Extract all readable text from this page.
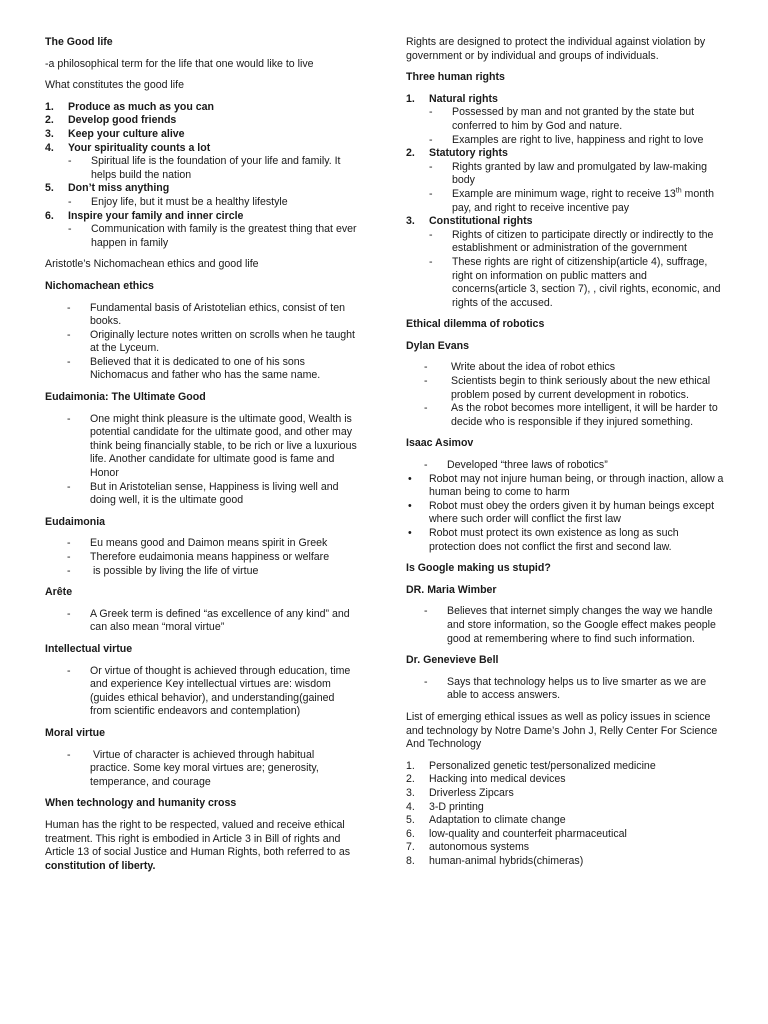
The Good life

-a philosophical term for the life that one would like to live

What constitutes the good life

1. Produce as much as you can
2. Develop good friends
3. Keep your culture alive
4. Your spirituality counts a lot
- Spiritual life is the foundation of your life and family. It helps build the nation
5. Don’t miss anything
- Enjoy life, but it must be a healthy lifestyle
6. Inspire your family and inner circle
- Communication with family is the greatest thing that ever happen in family

Aristotle’s Nichomachean ethics and good life

Nichomachean ethics

- Fundamental basis of Aristotelian ethics, consist of ten books.
- Originally lecture notes written on scrolls when he taught at the Lyceum.
- Believed that it is dedicated to one of his sons Nichomacus and father who has the same name.

Eudaimonia: The Ultimate Good

- One might think pleasure is the ultimate good, Wealth is potential candidate for the ultimate good, and other may think being financially stable, to be rich or live a luxurious life. Another candidate for ultimate good is fame and Honor
- But in Aristotelian sense, Happiness is living well and doing well, it is the ultimate good

Eudaimonia

- Eu means good and Daimon means spirit in Greek
- Therefore eudaimonia means happiness or welfare
- is possible by living the life of virtue

Arête

- A Greek term is defined “as excellence of any kind” and can also mean “moral virtue”

Intellectual virtue

- Or virtue of thought is achieved through education, time and experience Key intellectual virtues are: wisdom (guides ethical behavior), and understanding(gained from scientific endeavors and contemplation)

Moral virtue

- Virtue of character is achieved through habitual practice. Some key moral virtues are; generosity, temperance, and courage

When technology and humanity cross

Human has the right to be respected, valued and receive ethical treatment. This right is embodied in Article 3 in Bill of rights and Article 13 of social Justice and Human Rights, both referred to as constitution of liberty.

Rights are designed to protect the individual against violation by government or by individual and groups of individuals.

Three human rights

1. Natural rights
- Possessed by man and not granted by the state but conferred to him by God and nature.
- Examples are right to live, happiness and right to love
2. Statutory rights
- Rights granted by law and promulgated by law-making body
- Example are minimum wage, right to receive 13th month pay, and right to receive incentive pay
3. Constitutional rights
- Rights of citizen to participate directly or indirectly to the establishment or administration of the government
- These rights are right of citizenship(article 4), suffrage, right on information on public matters and concerns(article 3, section 7), , civil rights, economic, and rights of the accused.

Ethical dilemma of robotics

Dylan Evans

- Write about the idea of robot ethics
- Scientists begin to think seriously about the new ethical problem posed by current development in robotics.
- As the robot becomes more intelligent, it will be harder to decide who is responsible if they injured something.

Isaac Asimov

- Developed “three laws of robotics”
• Robot may not injure human being, or through inaction, allow a human being to come to harm
• Robot must obey the orders given it by human beings except where such order will conflict the first law
• Robot must protect its own existence as long as such protection does not conflict the first and second law.

Is Google making us stupid?

DR. Maria Wimber

- Believes that internet simply changes the way we handle and store information, so the Google effect makes people good at remembering where to find such information.

Dr. Genevieve Bell

- Says that technology helps us to live smarter as we are able to access answers.

List of emerging ethical issues as well as policy issues in science and technology by Notre Dame’s John J, Relly Center For Science And Technology

1. Personalized genetic test/personalized medicine
2. Hacking into medical devices
3. Driverless Zipcars
4. 3-D printing
5. Adaptation to climate change
6. low-quality and counterfeit pharmaceutical
7. autonomous systems
8. human-animal hybrids(chimeras)
